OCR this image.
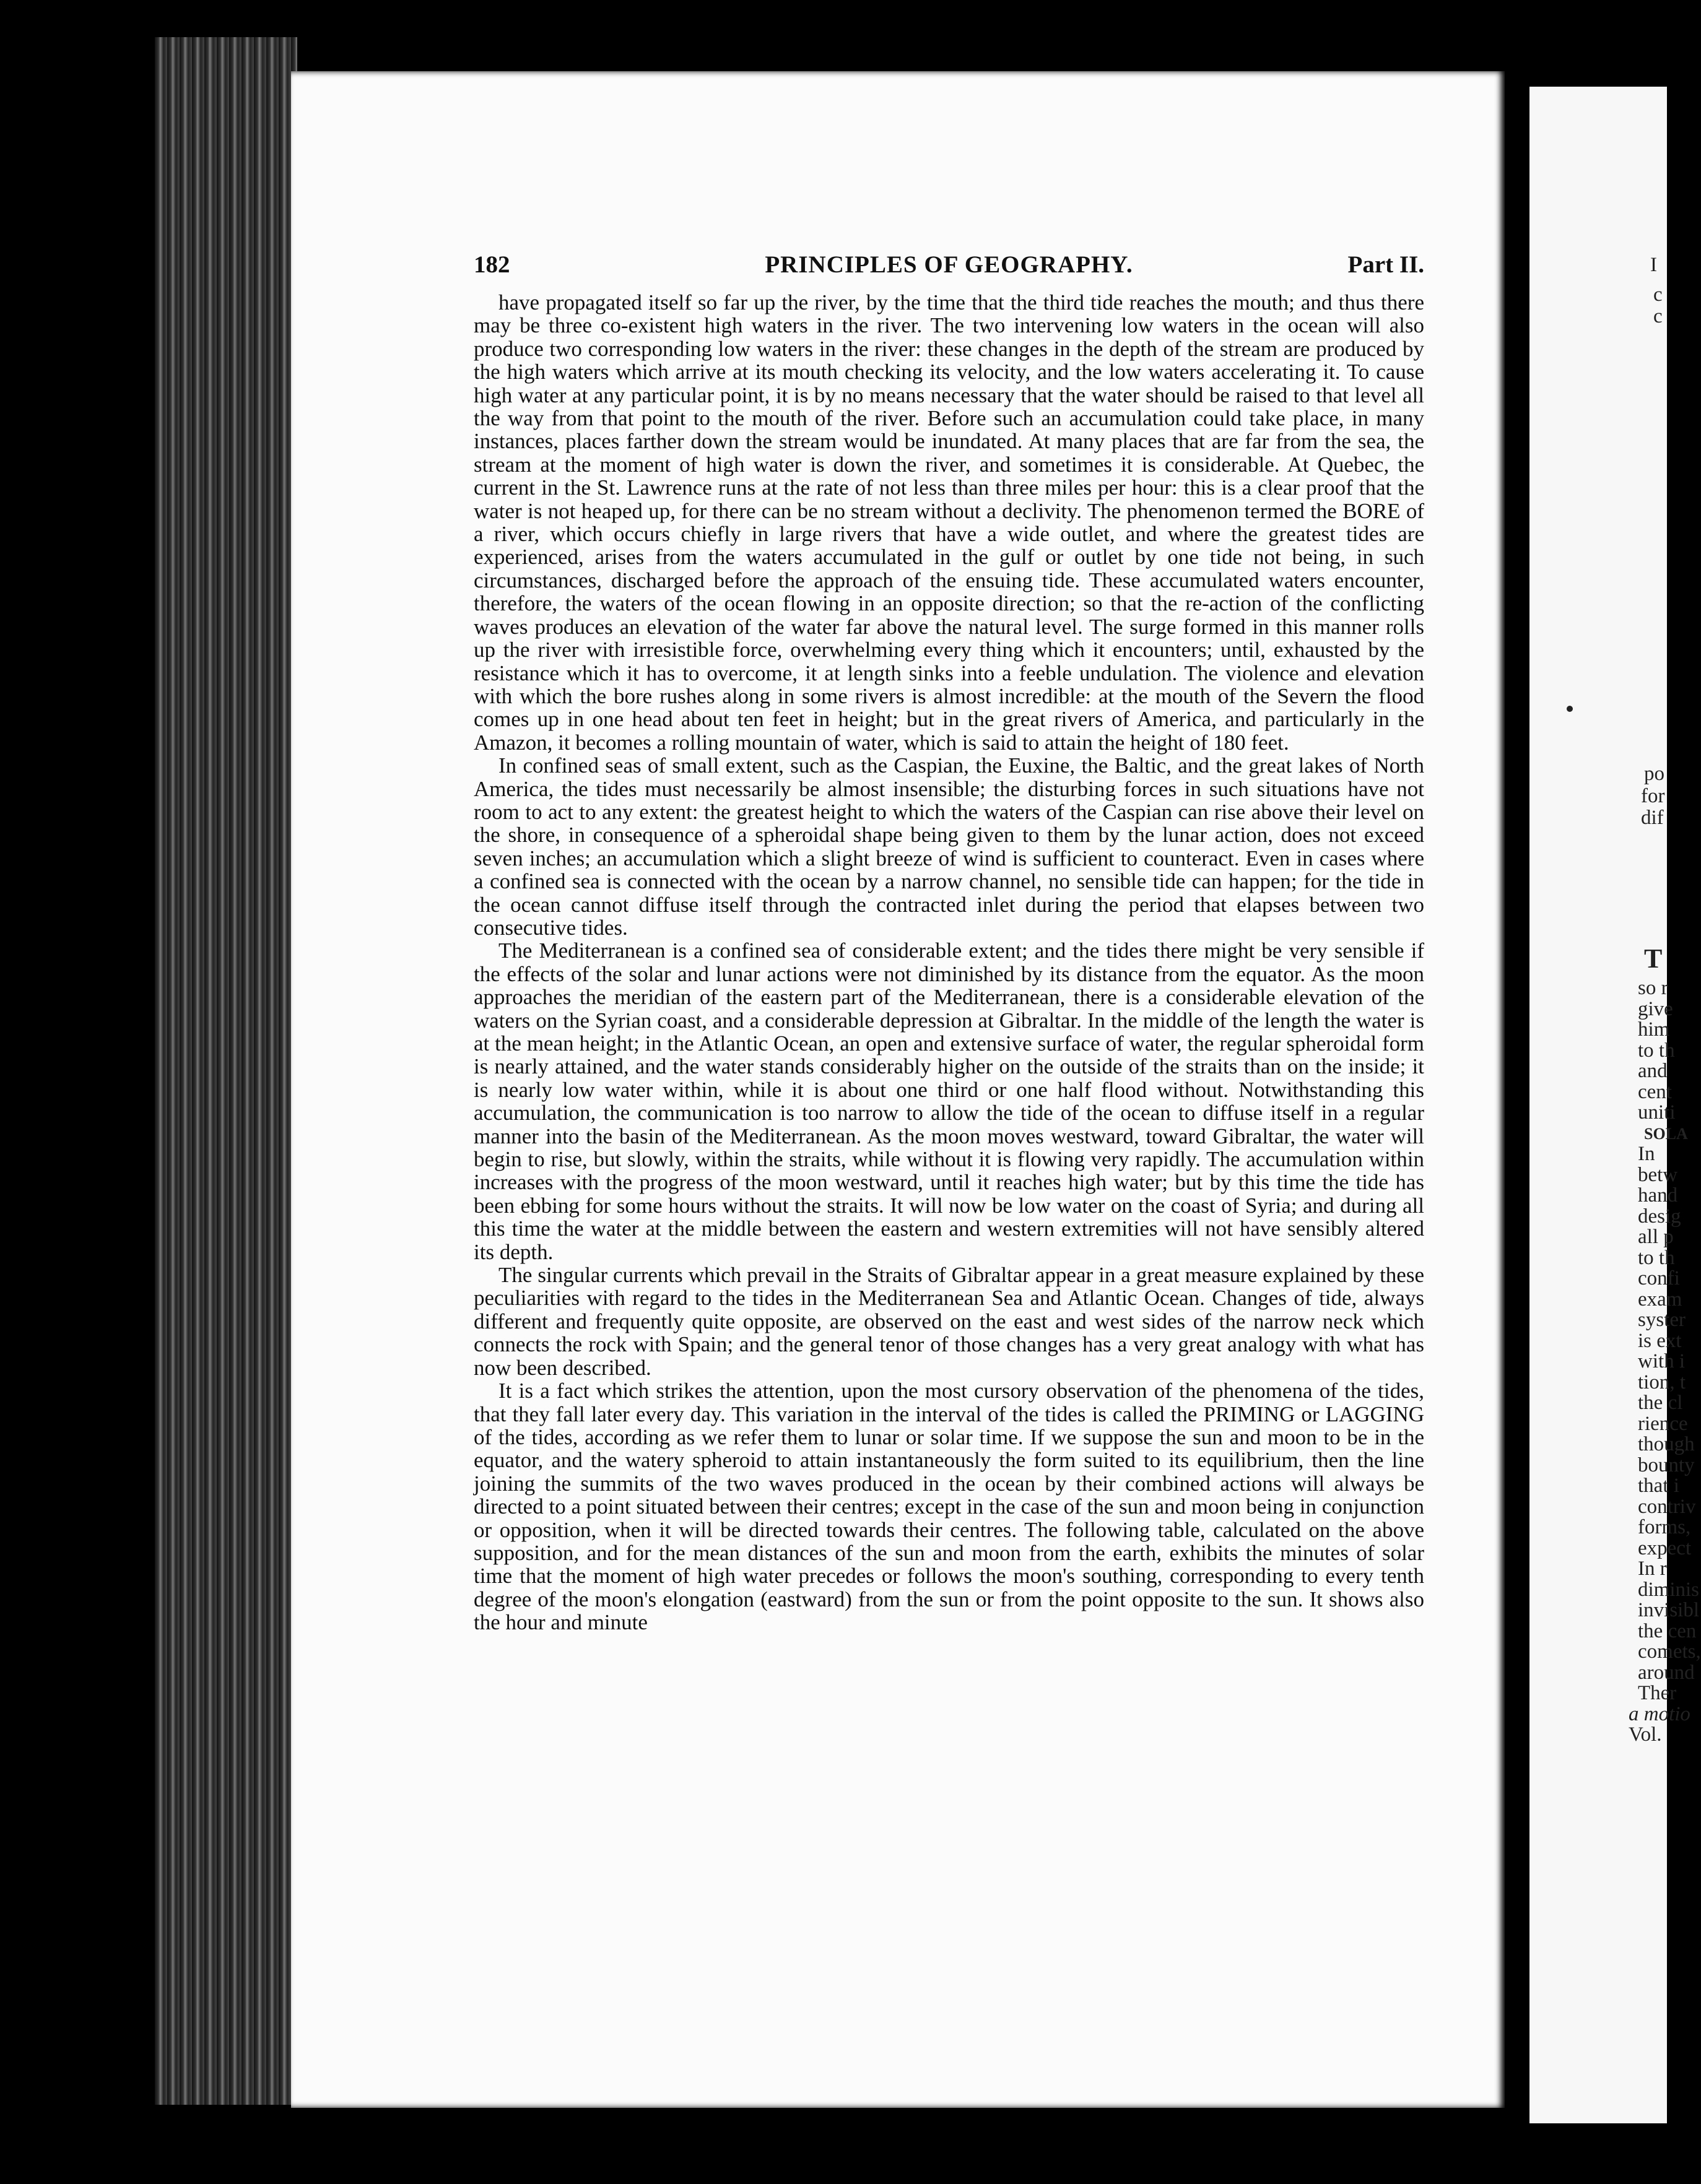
182	PRINCIPLES OF GEOGRAPHY.	Part II.

have propagated itself so far up the river, by the time that the third tide reaches the mouth; and thus there may be three co-existent high waters in the river. The two intervening low waters in the ocean will also produce two corresponding low waters in the river: these changes in the depth of the stream are produced by the high waters which arrive at its mouth checking its velocity, and the low waters accelerating it. To cause high water at any particular point, it is by no means necessary that the water should be raised to that level all the way from that point to the mouth of the river. Before such an accumulation could take place, in many instances, places farther down the stream would be inundated. At many places that are far from the sea, the stream at the moment of high water is down the river, and sometimes it is considerable. At Quebec, the current in the St. Lawrence runs at the rate of not less than three miles per hour: this is a clear proof that the water is not heaped up, for there can be no stream without a declivity. The phenomenon termed the BORE of a river, which occurs chiefly in large rivers that have a wide outlet, and where the greatest tides are experienced, arises from the waters accumulated in the gulf or outlet by one tide not being, in such circumstances, discharged before the approach of the ensuing tide. These accumulated waters encounter, therefore, the waters of the ocean flowing in an opposite direction; so that the re-action of the conflicting waves produces an elevation of the water far above the natural level. The surge formed in this manner rolls up the river with irresistible force, overwhelming every thing which it encounters; until, exhausted by the resistance which it has to overcome, it at length sinks into a feeble undulation. The violence and elevation with which the bore rushes along in some rivers is almost incredible: at the mouth of the Severn the flood comes up in one head about ten feet in height; but in the great rivers of America, and particularly in the Amazon, it becomes a rolling mountain of water, which is said to attain the height of 180 feet.

In confined seas of small extent, such as the Caspian, the Euxine, the Baltic, and the great lakes of North America, the tides must necessarily be almost insensible; the disturbing forces in such situations have not room to act to any extent: the greatest height to which the waters of the Caspian can rise above their level on the shore, in consequence of a spheroidal shape being given to them by the lunar action, does not exceed seven inches; an accumulation which a slight breeze of wind is sufficient to counteract. Even in cases where a confined sea is connected with the ocean by a narrow channel, no sensible tide can happen; for the tide in the ocean cannot diffuse itself through the contracted inlet during the period that elapses between two consecutive tides.

The Mediterranean is a confined sea of considerable extent; and the tides there might be very sensible if the effects of the solar and lunar actions were not diminished by its distance from the equator. As the moon approaches the meridian of the eastern part of the Mediterranean, there is a considerable elevation of the waters on the Syrian coast, and a considerable depression at Gibraltar. In the middle of the length the water is at the mean height; in the Atlantic Ocean, an open and extensive surface of water, the regular spheroidal form is nearly attained, and the water stands considerably higher on the outside of the straits than on the inside; it is nearly low water within, while it is about one third or one half flood without. Notwithstanding this accumulation, the communication is too narrow to allow the tide of the ocean to diffuse itself in a regular manner into the basin of the Mediterranean. As the moon moves westward, toward Gibraltar, the water will begin to rise, but slowly, within the straits, while without it is flowing very rapidly. The accumulation within increases with the progress of the moon westward, until it reaches high water; but by this time the tide has been ebbing for some hours without the straits. It will now be low water on the coast of Syria; and during all this time the water at the middle between the eastern and western extremities will not have sensibly altered its depth.

The singular currents which prevail in the Straits of Gibraltar appear in a great measure explained by these peculiarities with regard to the tides in the Mediterranean Sea and Atlantic Ocean. Changes of tide, always different and frequently quite opposite, are observed on the east and west sides of the narrow neck which connects the rock with Spain; and the general tenor of those changes has a very great analogy with what has now been described.

It is a fact which strikes the attention, upon the most cursory observation of the phenomena of the tides, that they fall later every day. This variation in the interval of the tides is called the PRIMING or LAGGING of the tides, according as we refer them to lunar or solar time. If we suppose the sun and moon to be in the equator, and the watery spheroid to attain instantaneously the form suited to its equilibrium, then the line joining the summits of the two waves produced in the ocean by their combined actions will always be directed to a point situated between their centres; except in the case of the sun and moon being in conjunction or opposition, when it will be directed towards their centres. The following table, calculated on the above supposition, and for the mean distances of the sun and moon from the earth, exhibits the minutes of solar time that the moment of high water precedes or follows the moon's southing, corresponding to every tenth degree of the moon's elongation (eastward) from the sun or from the point opposite to the sun. It shows also the hour and minute

I
c
c
po
for
dif
T
so r
give
him
to th
and
cent
uniti
SOLA
In
betw
hand
desig
all p
to th
confi
exam
syster
is ext
with i
tion, t
the cl
rience
though
bounty
that i
contriv
forms,
expect
In r
diminis
invisibl
the cen
comets,
around
Ther
a motio
Vol.
